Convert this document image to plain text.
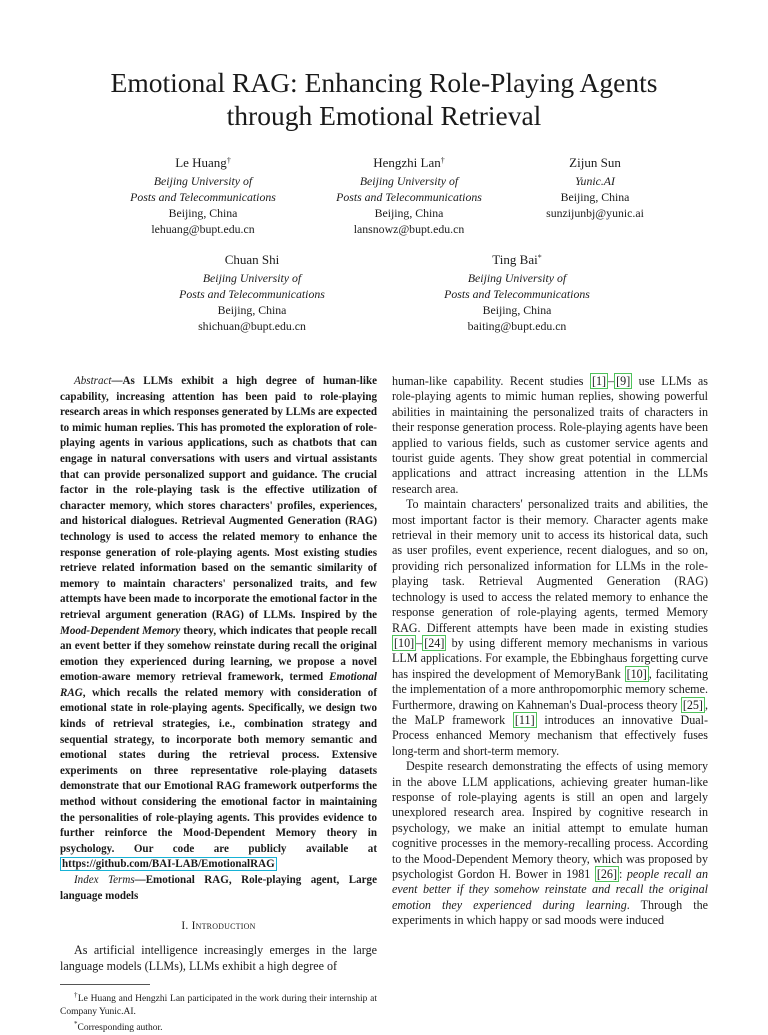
Emotional RAG: Enhancing Role-Playing Agents
through Emotional Retrieval
Le Huang†
Beijing University of
Posts and Telecommunications
Beijing, China
lehuang@bupt.edu.cn
Hengzhi Lan†
Beijing University of
Posts and Telecommunications
Beijing, China
lansnowz@bupt.edu.cn
Zijun Sun
Yunic.AI
Beijing, China
sunzijunbj@yunic.ai
Chuan Shi
Beijing University of
Posts and Telecommunications
Beijing, China
shichuan@bupt.edu.cn
Ting Bai*
Beijing University of
Posts and Telecommunications
Beijing, China
baiting@bupt.edu.cn

Abstract—As LLMs exhibit a high degree of human-like capability, increasing attention has been paid to role-playing research areas in which responses generated by LLMs are expected to mimic human replies. This has promoted the exploration of role-playing agents in various applications, such as chatbots that can engage in natural conversations with users and virtual assistants that can provide personalized support and guidance. The crucial factor in the role-playing task is the effective utilization of character memory, which stores characters' profiles, experiences, and historical dialogues. Retrieval Augmented Generation (RAG) technology is used to access the related memory to enhance the response generation of role-playing agents. Most existing studies retrieve related information based on the semantic similarity of memory to maintain characters' personalized traits, and few attempts have been made to incorporate the emotional factor in the retrieval argument generation (RAG) of LLMs. Inspired by the Mood-Dependent Memory theory, which indicates that people recall an event better if they somehow reinstate during recall the original emotion they experienced during learning, we propose a novel emotion-aware memory retrieval framework, termed Emotional RAG, which recalls the related memory with consideration of emotional state in role-playing agents. Specifically, we design two kinds of retrieval strategies, i.e., combination strategy and sequential strategy, to incorporate both memory semantic and emotional states during the retrieval process. Extensive experiments on three representative role-playing datasets demonstrate that our Emotional RAG framework outperforms the method without considering the emotional factor in maintaining the personalities of role-playing agents. This provides evidence to further reinforce the Mood-Dependent Memory theory in psychology. Our code are publicly available at https://github.com/BAI-LAB/EmotionalRAG

Index Terms—Emotional RAG, Role-playing agent, Large language models

I. Introduction

As artificial intelligence increasingly emerges in the large language models (LLMs), LLMs exhibit a high degree of

†Le Huang and Hengzhi Lan participated in the work during their internship at Company Yunic.AI.

*Corresponding author.

human-like capability. Recent studies [1] – [9] use LLMs as role-playing agents to mimic human replies, showing powerful abilities in maintaining the personalized traits of characters in their response generation process. Role-playing agents have been applied to various fields, such as customer service agents and tourist guide agents. They show great potential in commercial applications and attract increasing attention in the LLMs research area.

To maintain characters' personalized traits and abilities, the most important factor is their memory. Character agents make retrieval in their memory unit to access its historical data, such as user profiles, event experience, recent dialogues, and so on, providing rich personalized information for LLMs in the role-playing task. Retrieval Augmented Generation (RAG) technology is used to access the related memory to enhance the response generation of role-playing agents, termed Memory RAG. Different attempts have been made in existing studies [10] – [24] by using different memory mechanisms in various LLM applications. For example, the Ebbinghaus forgetting curve has inspired the development of MemoryBank [10] , facilitating the implementation of a more anthropomorphic memory scheme. Furthermore, drawing on Kahneman's Dual-process theory [25] , the MaLP framework [11] introduces an innovative Dual-Process enhanced Memory mechanism that effectively fuses long-term and short-term memory.

Despite research demonstrating the effects of using memory in the above LLM applications, achieving greater human-like response of role-playing agents is still an open and largely unexplored research area. Inspired by cognitive research in psychology, we make an initial attempt to emulate human cognitive processes in the memory-recalling process. According to the Mood-Dependent Memory theory, which was proposed by psychologist Gordon H. Bower in 1981 [26] : people recall an event better if they somehow reinstate and recall the original emotion they experienced during learning. Through the experiments in which happy or sad moods were induced
